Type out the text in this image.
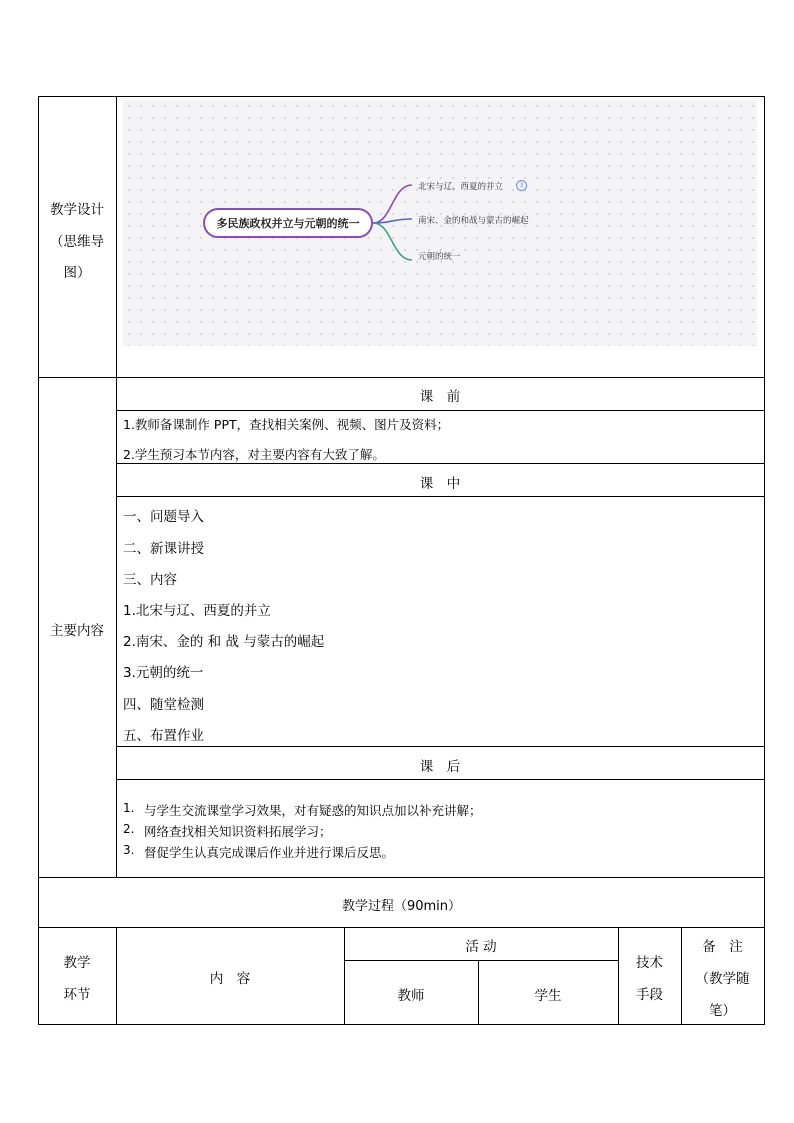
教学设计
（思维导
图）
多民族政权并立与元朝的统一
北宋与辽、西夏的并立	3
南宋、金的和战与蒙古的崛起
元朝的统一
主要内容
课　前
1.教师备课制作 PPT，查找相关案例、视频、图片及资料；
2.学生预习本节内容，对主要内容有大致了解。
课　中
一、问题导入
二、新课讲授
三、内容
1.北宋与辽、西夏的并立
2.南宋、金的 和 战 与蒙古的崛起
3.元朝的统一
四、随堂检测
五、布置作业
课　后
1. 与学生交流课堂学习效果，对有疑惑的知识点加以补充讲解；
2. 网络查找相关知识资料拓展学习；
3. 督促学生认真完成课后作业并进行课后反思。
教学过程（90min）
教学
环节
内　容
活 动
教师	学生
技术
手段
备　注
（教学随
笔）
